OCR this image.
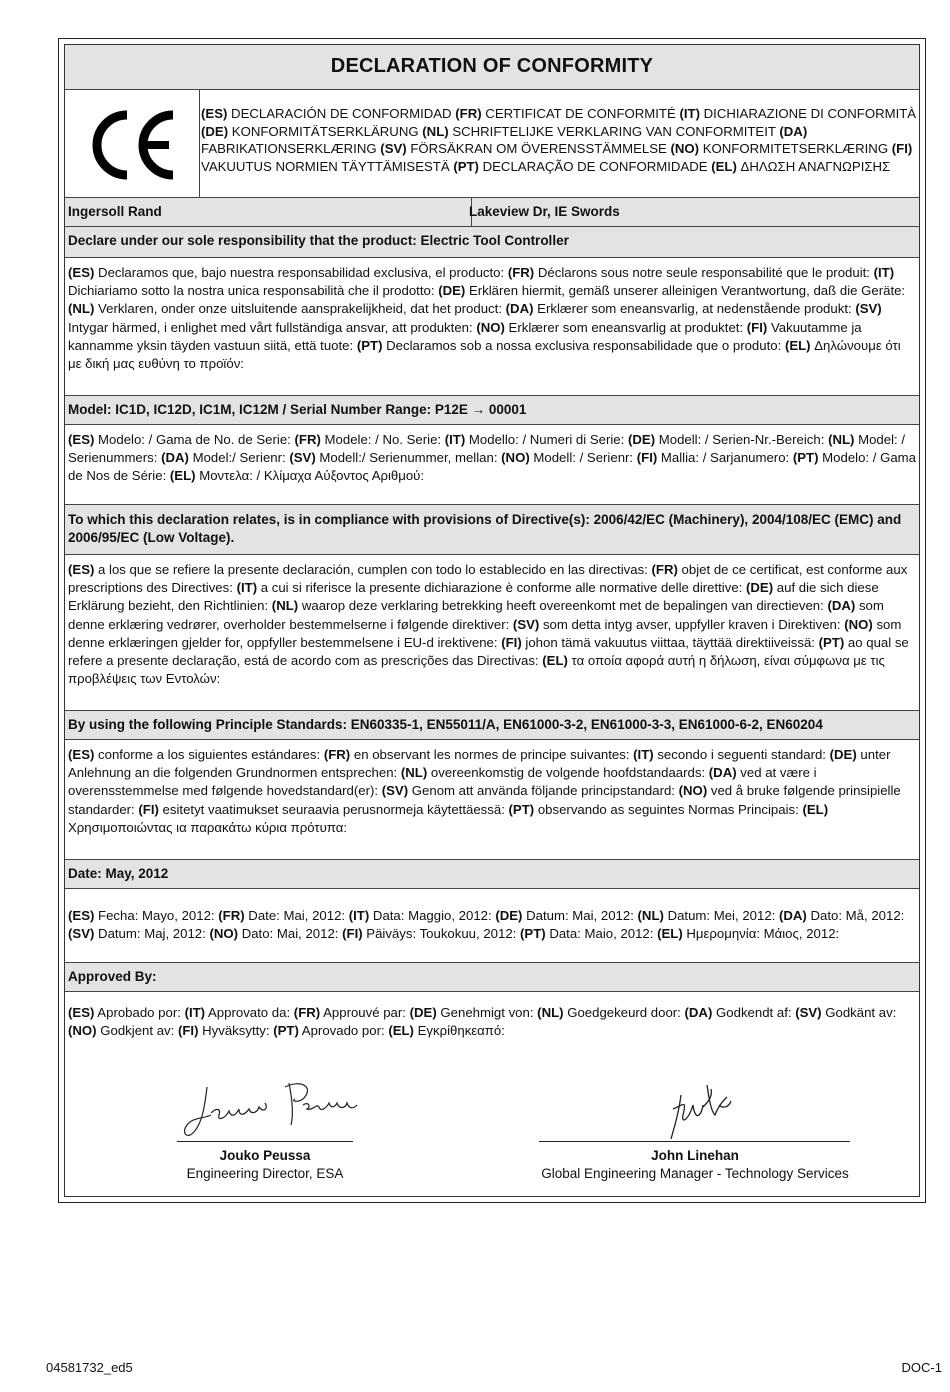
DECLARATION OF CONFORMITY
(ES) DECLARACIÓN DE CONFORMIDAD (FR) CERTIFICAT DE CONFORMITÉ (IT) DICHIARAZIONE DI CONFORMITÀ (DE) KONFORMITÄTSERKLÄRUNG (NL) SCHRIFTELIJKE VERKLARING VAN CONFORMITEIT (DA) FABRIKATIONSERKLÆRING (SV) FÖRSÄKRAN OM ÖVERENSSTÄMMELSE (NO) KONFORMITETSERKLÆRING (FI) VAKUUTUS NORMIEN TÄYTTÄMISESTÄ (PT) DECLARAÇÃO DE CONFORMIDADE (EL) ΔΗΛΩΣΗ ΑΝΑΓΝΩΡΙΣΗΣ
Ingersoll Rand	Lakeview Dr, IE Swords
Declare under our sole responsibility that the product: Electric Tool Controller
(ES) Declaramos que, bajo nuestra responsabilidad exclusiva, el producto: (FR) Déclarons sous notre seule responsabilité que le produit: (IT) Dichiariamo sotto la nostra unica responsabilità che il prodotto: (DE) Erklären hiermit, gemäß unserer alleinigen Verantwortung, daß die Geräte: (NL) Verklaren, onder onze uitsluitende aansprakelijkheid, dat het product: (DA) Erklærer som eneansvarlig, at nedenstående produkt: (SV) Intygar härmed, i enlighet med vårt fullständiga ansvar, att produkten: (NO) Erklærer som eneansvarlig at produktet: (FI) Vakuutamme ja kannamme yksin täyden vastuun siitä, että tuote: (PT) Declaramos sob a nossa exclusiva responsabilidade que o produto: (EL) Δηλώνουμε ότι με δική μας ευθύνη το προϊόν:
Model: IC1D, IC12D, IC1M, IC12M / Serial Number Range: P12E → 00001
(ES) Modelo: / Gama de No. de Serie: (FR) Modele: / No. Serie: (IT) Modello: / Numeri di Serie: (DE) Modell: / Serien-Nr.-Bereich: (NL) Model: / Serienummers: (DA) Model:/ Serienr: (SV) Modell:/ Serienummer, mellan: (NO) Modell: / Serienr: (FI) Mallia: / Sarjanumero: (PT) Modelo: / Gama de Nos de Série: (EL) Μοντελα: / Κλίμαχα Αύξοντος Αριθμού:
To which this declaration relates, is in compliance with provisions of Directive(s): 2006/42/EC (Machinery), 2004/108/EC (EMC) and 2006/95/EC (Low Voltage).
(ES) a los que se refiere la presente declaración, cumplen con todo lo establecido en las directivas: (FR) objet de ce certificat, est conforme aux prescriptions des Directives: (IT) a cui si riferisce la presente dichiarazione è conforme alle normative delle direttive: (DE) auf die sich diese Erklärung bezieht, den Richtlinien: (NL) waarop deze verklaring betrekking heeft overeenkomt met de bepalingen van directieven: (DA) som denne erklæring vedrører, overholder bestemmelserne i følgende direktiver: (SV) som detta intyg avser, uppfyller kraven i Direktiven: (NO) som denne erklæringen gjelder for, oppfyller bestemmelsene i EU-d irektivene: (FI) johon tämä vakuutus viittaa, täyttää direktiiveissä: (PT) ao qual se refere a presente declaração, está de acordo com as prescrições das Directivas: (EL) τα οποία αφορά αυτή η δήλωση, είναι σύμφωνα με τις προβλέψεις των Εντολών:
By using the following Principle Standards: EN60335-1, EN55011/A, EN61000-3-2, EN61000-3-3, EN61000-6-2, EN60204
(ES) conforme a los siguientes estándares: (FR) en observant les normes de principe suivantes: (IT) secondo i seguenti standard: (DE) unter Anlehnung an die folgenden Grundnormen entsprechen: (NL) overeenkomstig de volgende hoofdstandaards: (DA) ved at være i overensstemmelse med følgende hovedstandard(er): (SV) Genom att använda följande principstandard: (NO) ved å bruke følgende prinsipielle standarder: (FI) esitetyt vaatimukset seuraavia perusnormeja käytettäessä: (PT) observando as seguintes Normas Principais: (EL) Χρησιμοποιώντας ια παρακάτω κύρια πρότυπα:
Date: May, 2012
(ES) Fecha: Mayo, 2012: (FR) Date: Mai, 2012: (IT) Data: Maggio, 2012: (DE) Datum: Mai, 2012: (NL) Datum: Mei, 2012: (DA) Dato: Må, 2012: (SV) Datum: Maj, 2012: (NO) Dato: Mai, 2012: (FI) Päiväys: Toukokuu, 2012: (PT) Data: Maio, 2012: (EL) Ημερομηνία: Μάιος, 2012:
Approved By:
(ES) Aprobado por: (IT) Approvato da: (FR) Approuvé par: (DE) Genehmigt von: (NL) Goedgekeurd door: (DA) Godkendt af: (SV) Godkänt av: (NO) Godkjent av: (FI) Hyväksytty: (PT) Aprovado por: (EL) Εγκρίθηκεαπό:
Jouko Peussa
Engineering Director, ESA
John Linehan
Global Engineering Manager - Technology Services
04581732_ed5	DOC-1
